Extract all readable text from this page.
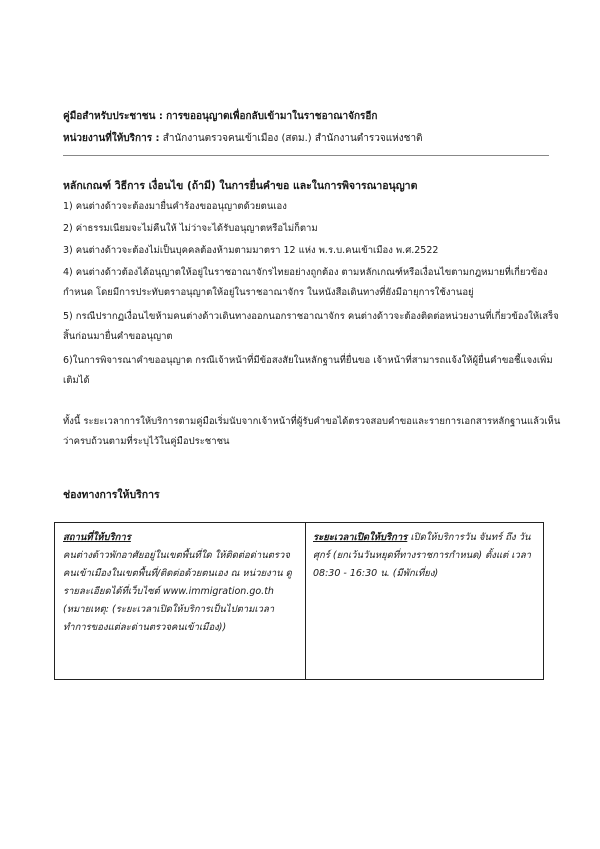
คู่มือสำหรับประชาชน : การขออนุญาตเพื่อกลับเข้ามาในราชอาณาจักรอีก
หน่วยงานที่ให้บริการ : สำนักงานตรวจคนเข้าเมือง (สตม.) สำนักงานตำรวจแห่งชาติ
หลักเกณฑ์ วิธีการ เงื่อนไข (ถ้ามี) ในการยื่นคำขอ และในการพิจารณาอนุญาต
1) คนต่างด้าวจะต้องมายื่นคำร้องขออนุญาตด้วยตนเอง
2) ค่าธรรมเนียมจะไม่คืนให้ ไม่ว่าจะได้รับอนุญาตหรือไม่ก็ตาม
3) คนต่างด้าวจะต้องไม่เป็นบุคคลต้องห้ามตามมาตรา 12 แห่ง พ.ร.บ.คนเข้าเมือง พ.ศ.2522
4) คนต่างด้าวต้องได้อนุญาตให้อยู่ในราชอาณาจักรไทยอย่างถูกต้อง ตามหลักเกณฑ์หรือเงื่อนไขตามกฎหมายที่เกี่ยวข้องกำหนด โดยมีการประทับตราอนุญาตให้อยู่ในราชอาณาจักร ในหนังสือเดินทางที่ยังมีอายุการใช้งานอยู่
5) กรณีปรากฏเงื่อนไขห้ามคนต่างด้าวเดินทางออกนอกราชอาณาจักร คนต่างด้าวจะต้องติดต่อหน่วยงานที่เกี่ยวข้องให้เสร็จสิ้นก่อนมายื่นคำขออนุญาต
6)ในการพิจารณาคำขออนุญาต กรณีเจ้าหน้าที่มีข้อสงสัยในหลักฐานที่ยื่นขอ เจ้าหน้าที่สามารถแจ้งให้ผู้ยื่นคำขอชี้แจงเพิ่มเติมได้
ทั้งนี้ ระยะเวลาการให้บริการตามคู่มือเริ่มนับจากเจ้าหน้าที่ผู้รับคำขอได้ตรวจสอบคำขอและรายการเอกสารหลักฐานแล้วเห็นว่าครบถ้วนตามที่ระบุไว้ในคู่มือประชาชน
ช่องทางการให้บริการ
สถานที่ให้บริการ
คนต่างด้าวพักอาศัยอยู่ในเขตพื้นที่ใด ให้ติดต่อด่านตรวจคนเข้าเมืองในเขตพื้นที่/ติดต่อด้วยตนเอง ณ หน่วยงาน ดูรายละเอียดได้ที่เว็บไซต์ www.immigration.go.th
(หมายเหตุ: (ระยะเวลาเปิดให้บริการเป็นไปตามเวลาทำการของแต่ละด่านตรวจคนเข้าเมือง))
ระยะเวลาเปิดให้บริการ เปิดให้บริการวัน จันทร์ ถึง วันศุกร์ (ยกเว้นวันหยุดที่ทางราชการกำหนด) ตั้งแต่ เวลา 08:30 - 16:30 น. (มีพักเที่ยง)
